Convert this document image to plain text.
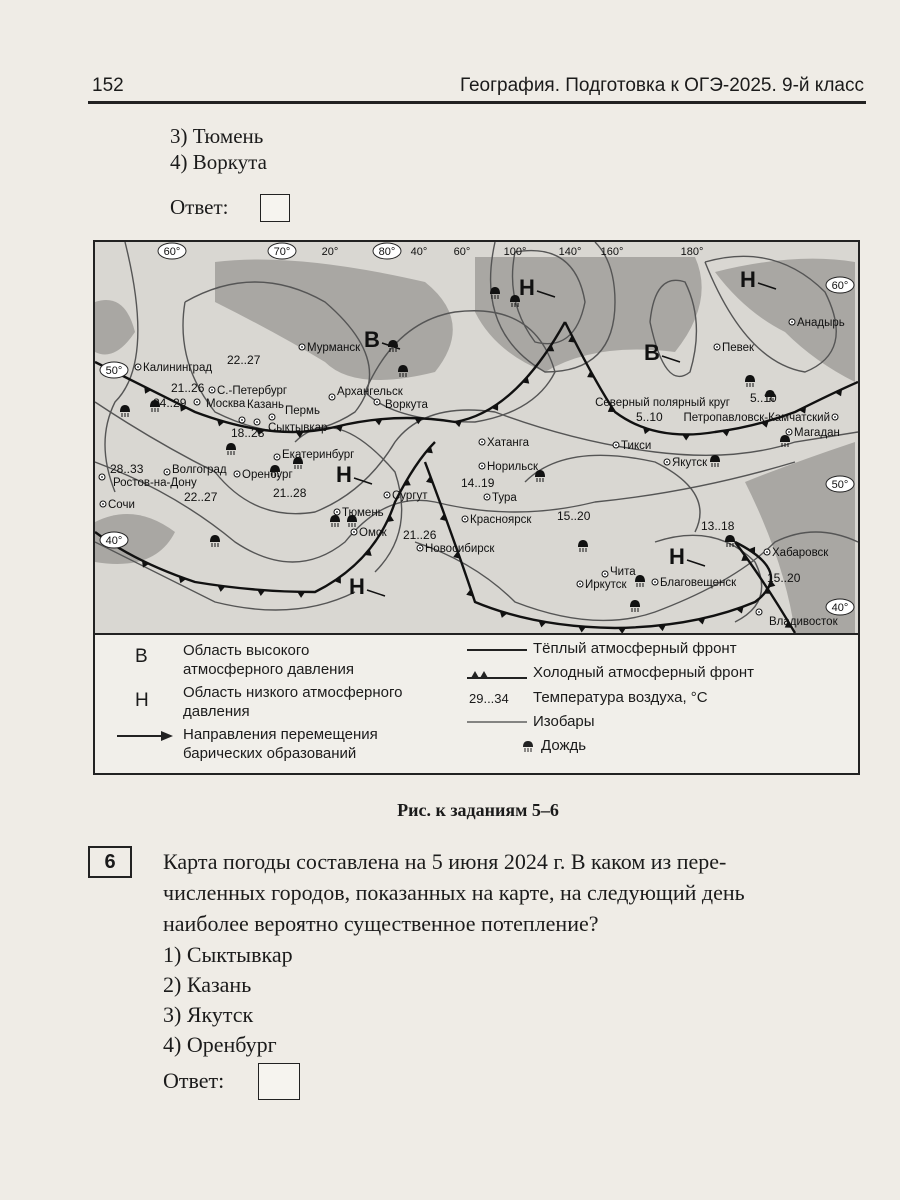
152	География. Подготовка к ОГЭ-2025. 9-й класс
3) Тюмень
4) Воркута
Ответ:
60°	70°	20°	80° 40° 60°	100°	140° 160°	180°
60°
50°
40°
50°
40°
В
В
Н	Н
Н
Н
Н
Калининград
С.-Петербург
Мурманск
Архангельск
Сыктывкар
Москва Казань Пермь
Екатеринбург
Оренбург
Ростов-на-Дону
Волгоград
Сочи
Воркута
Хатанга
Норильск
Тура
Сургут
Тюмень
Омск
Новосибирск
Красноярск
Иркутск
Чита
Благовещенск
Хабаровск
Владивосток
Якутск
Тикси
Певек
Северный полярный круг
Анадырь
Магадан
Петропавловск-Камчатский
22..27
21..26
24..29
18..23
28..33
22..27	21..28
14..19
5..10
5..10
15..20
13..18
21..26
15..20
В Область высокого атмосферного давления
Н Область низкого атмосферного давления
Направления перемещения барических образований
Тёплый атмосферный фронт
Холодный атмосферный фронт
29...34 Температура воздуха, °C
Изобары
Дождь
Рис. к заданиям 5–6
6	Карта погоды составлена на 5 июня 2024 г. В каком из пере-
численных городов, показанных на карте, на следующий день
наиболее вероятно существенное потепление?
1) Сыктывкар
2) Казань
3) Якутск
4) Оренбург
Ответ:
